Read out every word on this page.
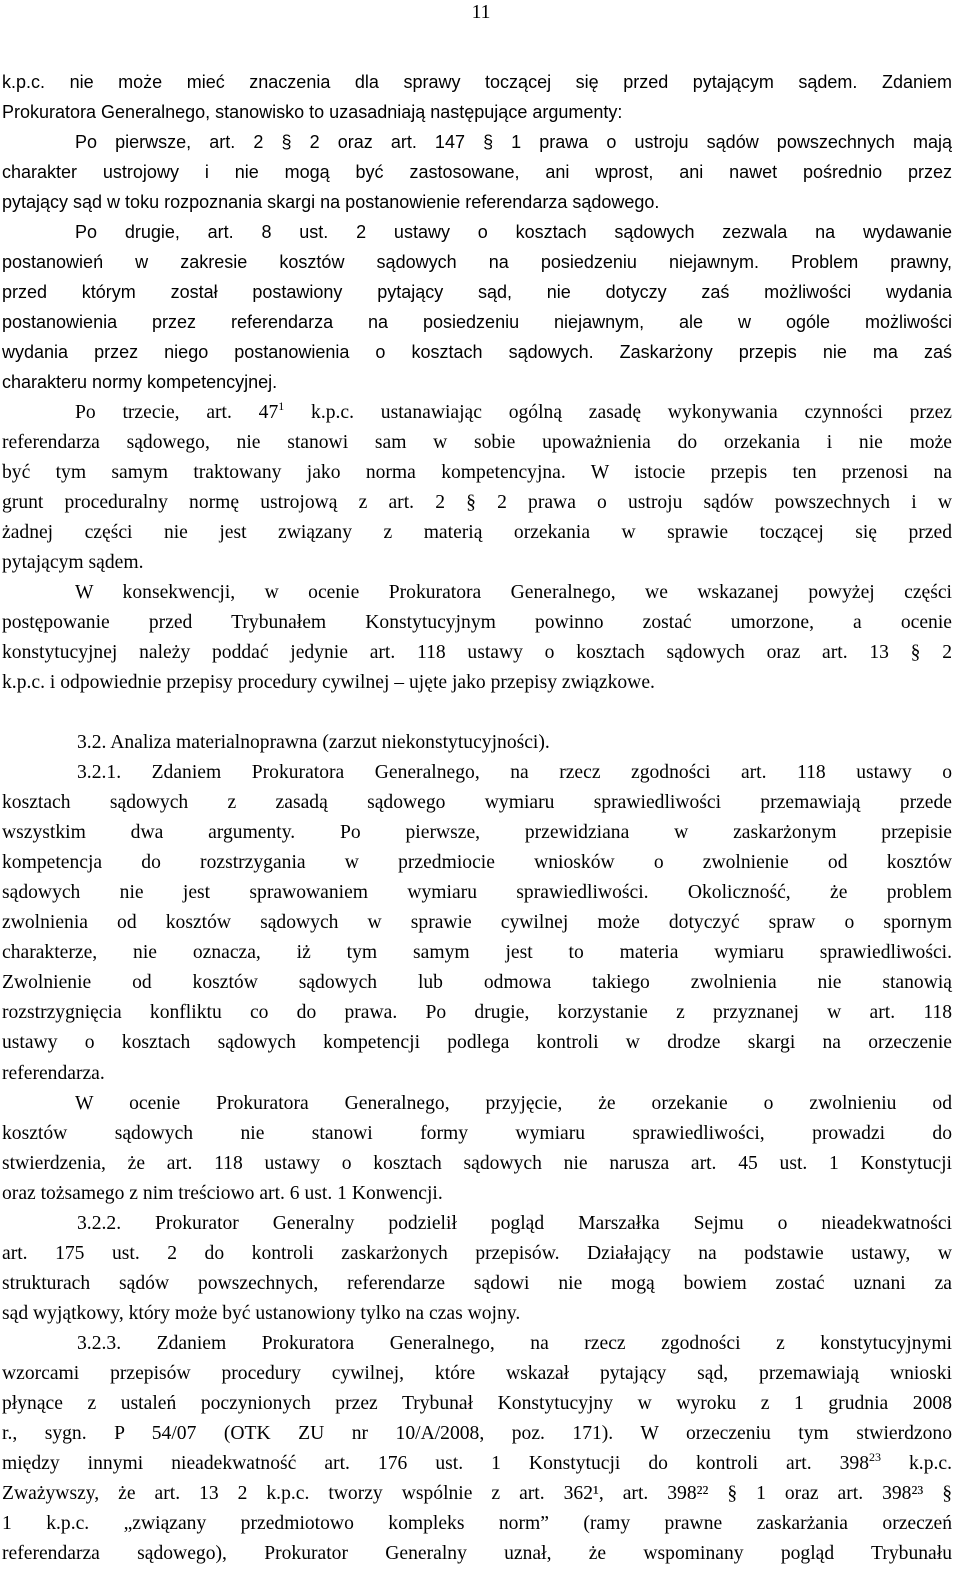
11
k.p.c. nie może mieć znaczenia dla sprawy toczącej się przed pytającym sądem. Zdaniem
Prokuratora Generalnego, stanowisko to uzasadniają następujące argumenty:
Po pierwsze, art. 2 § 2 oraz art. 147 § 1 prawa o ustroju sądów powszechnych mają
charakter ustrojowy i nie mogą być zastosowane, ani wprost, ani nawet pośrednio przez
pytający sąd w toku rozpoznania skargi na postanowienie referendarza sądowego.
Po drugie, art. 8 ust. 2 ustawy o kosztach sądowych zezwala na wydawanie
postanowień w zakresie kosztów sądowych na posiedzeniu niejawnym. Problem prawny,
przed którym został postawiony pytający sąd, nie dotyczy zaś możliwości wydania
postanowienia przez referendarza na posiedzeniu niejawnym, ale w ogóle możliwości
wydania przez niego postanowienia o kosztach sądowych. Zaskarżony przepis nie ma zaś
charakteru normy kompetencyjnej.
Po trzecie, art. $47^1$ k.p.c. ustanawiając ogólną zasadę wykonywania czynności przez
referendarza sądowego, nie stanowi sam w sobie upoważnienia do orzekania i nie może
być tym samym traktowany jako norma kompetencyjna. W istocie przepis ten przenosi na
grunt proceduralny normę ustrojową z art. 2 § 2 prawa o ustroju sądów powszechnych i w
żadnej części nie jest związany z materią orzekania w sprawie toczącej się przed
pytającym sądem.
W konsekwencji, w ocenie Prokuratora Generalnego, we wskazanej powyżej części
postępowanie przed Trybunałem Konstytucyjnym powinno zostać umorzone, a ocenie
konstytucyjnej należy poddać jedynie art. 118 ustawy o kosztach sądowych oraz art. 13 § 2
k.p.c. i odpowiednie przepisy procedury cywilnej – ujęte jako przepisy związkowe.
3.2. Analiza materialnoprawna (zarzut niekonstytucyjności).
3.2.1. Zdaniem Prokuratora Generalnego, na rzecz zgodności art. 118 ustawy o
kosztach sądowych z zasadą sądowego wymiaru sprawiedliwości przemawiają przede
wszystkim dwa argumenty. Po pierwsze, przewidziana w zaskarżonym przepisie
kompetencja do rozstrzygania w przedmiocie wniosków o zwolnienie od kosztów
sądowych nie jest sprawowaniem wymiaru sprawiedliwości. Okoliczność, że problem
zwolnienia od kosztów sądowych w sprawie cywilnej może dotyczyć spraw o spornym
charakterze, nie oznacza, iż tym samym jest to materia wymiaru sprawiedliwości.
Zwolnienie od kosztów sądowych lub odmowa takiego zwolnienia nie stanowią
rozstrzygnięcia konfliktu co do prawa. Po drugie, korzystanie z przyznanej w art. 118
ustawy o kosztach sądowych kompetencji podlega kontroli w drodze skargi na orzeczenie
referendarza.
W ocenie Prokuratora Generalnego, przyjęcie, że orzekanie o zwolnieniu od
kosztów sądowych nie stanowi formy wymiaru sprawiedliwości, prowadzi do
stwierdzenia, że art. 118 ustawy o kosztach sądowych nie narusza art. 45 ust. 1 Konstytucji
oraz tożsamego z nim treściowo art. 6 ust. 1 Konwencji.
3.2.2. Prokurator Generalny podzielił pogląd Marszałka Sejmu o nieadekwatności
art. 175 ust. 2 do kontroli zaskarżonych przepisów. Działający na podstawie ustawy, w
strukturach sądów powszechnych, referendarze sądowi nie mogą bowiem zostać uznani za
sąd wyjątkowy, który może być ustanowiony tylko na czas wojny.
3.2.3. Zdaniem Prokuratora Generalnego, na rzecz zgodności z konstytucyjnymi
wzorcami przepisów procedury cywilnej, które wskazał pytający sąd, przemawiają wnioski
płynące z ustaleń poczynionych przez Trybunał Konstytucyjny w wyroku z 1 grudnia 2008
r., sygn. P 54/07 (OTK ZU nr 10/A/2008, poz. 171). W orzeczeniu tym stwierdzono
między innymi nieadekwatność art. 176 ust. 1 Konstytucji do kontroli art. $398^{23}$ k.p.c.
Zważywszy, że art. 13 2 k.p.c. tworzy wspólnie z art. 362¹, art. 398²² § 1 oraz art. 398²³ §
1 k.p.c. „związany przedmiotowo kompleks norm” (ramy prawne zaskarżania orzeczeń
referendarza sądowego), Prokurator Generalny uznał, że wspominany pogląd Trybunału
